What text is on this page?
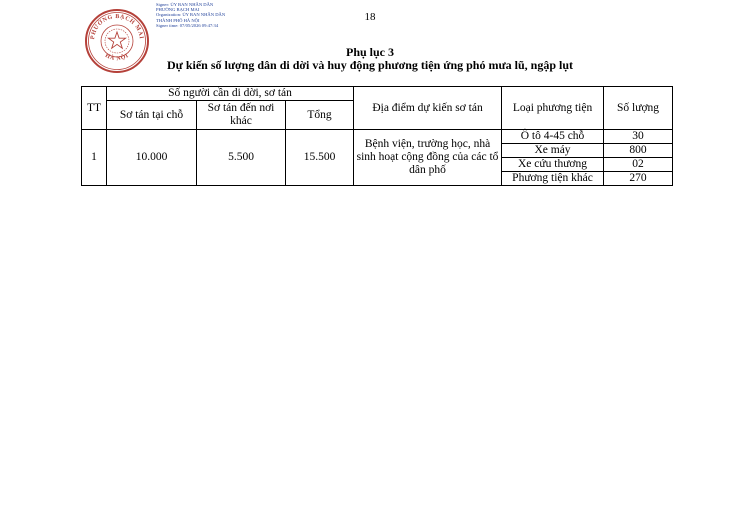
PHƯỜNG BẠCH MAI
HÀ NỘI
Signer: ỦY BAN NHÂN DÂN
PHƯỜNG BẠCH MAI
Organization: ỦY BAN NHÂN DÂN
THÀNH PHỐ HÀ NỘI
Signer time: 07/05/2026 09:47:34
18
Phụ lục 3
Dự kiến số lượng dân di dời và huy động phương tiện ứng phó mưa lũ, ngập lụt
TT	Số người cần di dời, sơ tán			Địa điểm dự kiến sơ tán	Loại phương tiện	Số lượng
	Sơ tán tại chỗ	Sơ tán đến nơi khác	Tổng			
1	10.000	5.500	15.500	Bệnh viện, trường học, nhà sinh hoạt cộng đồng của các tổ dân phố	Ô tô 4-45 chỗ	30
					Xe máy	800
					Xe cứu thương	02
					Phương tiện khác	270
